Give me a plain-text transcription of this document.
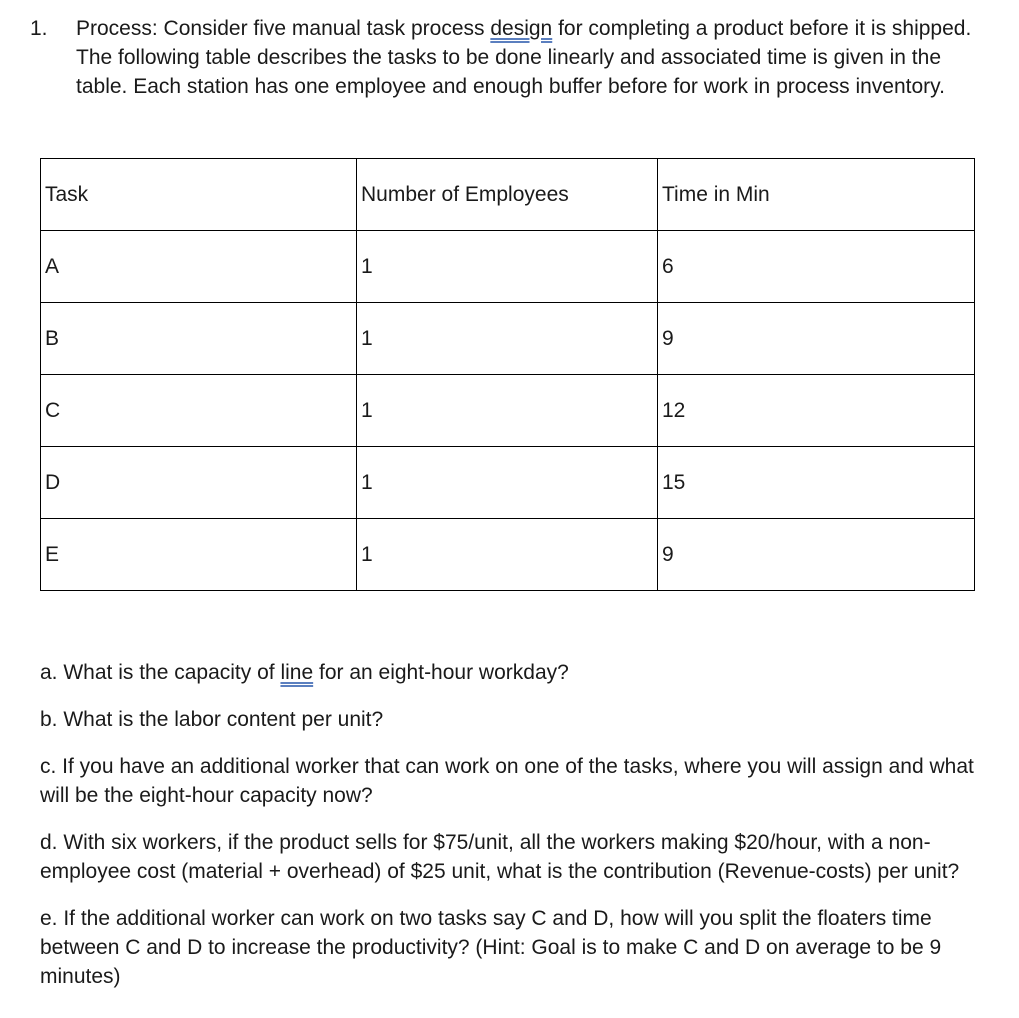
1. Process: Consider five manual task process design for completing a product before it is shipped. The following table describes the tasks to be done linearly and associated time is given in the table. Each station has one employee and enough buffer before for work in process inventory.
Task	Number of Employees	Time in Min
A	1	6
B	1	9
C	1	12
D	1	15
E	1	9

a. What is the capacity of line for an eight-hour workday?

b. What is the labor content per unit?

c. If you have an additional worker that can work on one of the tasks, where you will assign and what will be the eight-hour capacity now?

d. With six workers, if the product sells for $75/unit, all the workers making $20/hour, with a non-employee cost (material + overhead) of $25 unit, what is the contribution (Revenue-costs) per unit?

e. If the additional worker can work on two tasks say C and D, how will you split the floaters time between C and D to increase the productivity? (Hint: Goal is to make C and D on average to be 9 minutes)
